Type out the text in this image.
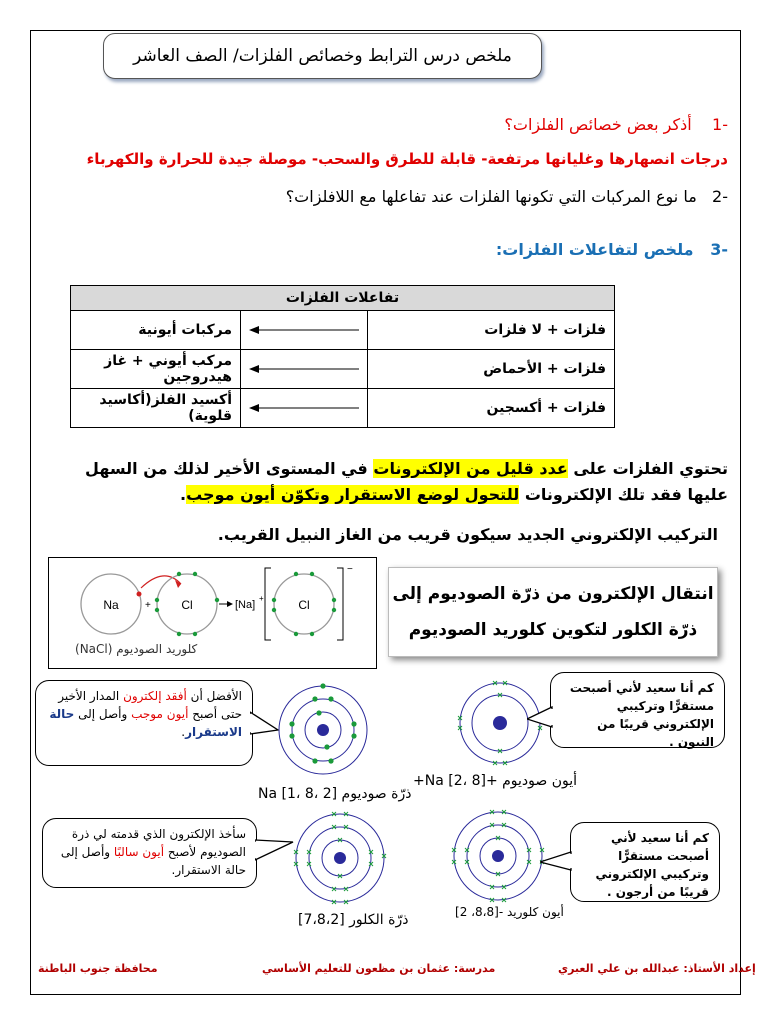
ملخص درس الترابط وخصائص الفلزات/ الصف العاشر
-1    أذكر بعض خصائص الفلزات؟
درجات انصهارها وغليانها مرتفعة- قابلة للطرق والسحب- موصلة جيدة للحرارة والكهرباء
-2   ما نوع المركبات التي تكونها الفلزات عند تفاعلها مع اللافلزات؟
-3   ملخص لتفاعلات الفلزات:
تفاعلات الفلزات		
فلزات + لا فلزات		مركبات أيونية
فلزات + الأحماض		مركب أيوني + غاز هيدروجين
فلزات + أكسجين		أكسيد الفلز(أكاسيد قلوية)
تحتوي الفلزات على عدد قليل من الإلكترونات في المستوى الأخير لذلك من السهل عليها فقد تلك الإلكترونات للتحول لوضع الاستقرار وتكوّن أيون موجب.
التركيب الإلكتروني الجديد سيكون قريب من الغاز النبيل القريب.
Na	+	Cl	[Na]
+
−
Cl
كلوريد الصوديوم (NaCl)
انتقال الإلكترون من ذرّة الصوديوم إلى
ذرّة الكلور لتكوين كلوريد الصوديوم
الأفضل أن أفقد إلكترون المدار الأخير حتى أصبح أيون موجب وأصل إلى حالة الاستقرار.
ذرّة صوديوم Na [1، 8، 2]
أيون صوديوم +Na ‎[2، 8]+
كم أنا سعيد لأني أصبحت مستقرًّا وتركيبي الإلكتروني قريبًا من النيون .
سأخذ الإلكترون الذي قدمته لي ذرة الصوديوم لأصبح أيون سالبًا وأصل إلى حالة الاستقرار.
ذرّة الكلور [7،8،2]	أيون كلوريد -[8،8، 2]
كم أنا سعيد لأني أصبحت مستقرًّا وتركيبي الإلكتروني قريبًا من أرجون .
محافظة جنوب الباطنة	مدرسة: عثمان بن مظعون للتعليم الأساسي	إعداد الأستاذ: عبدالله بن علي العبري
